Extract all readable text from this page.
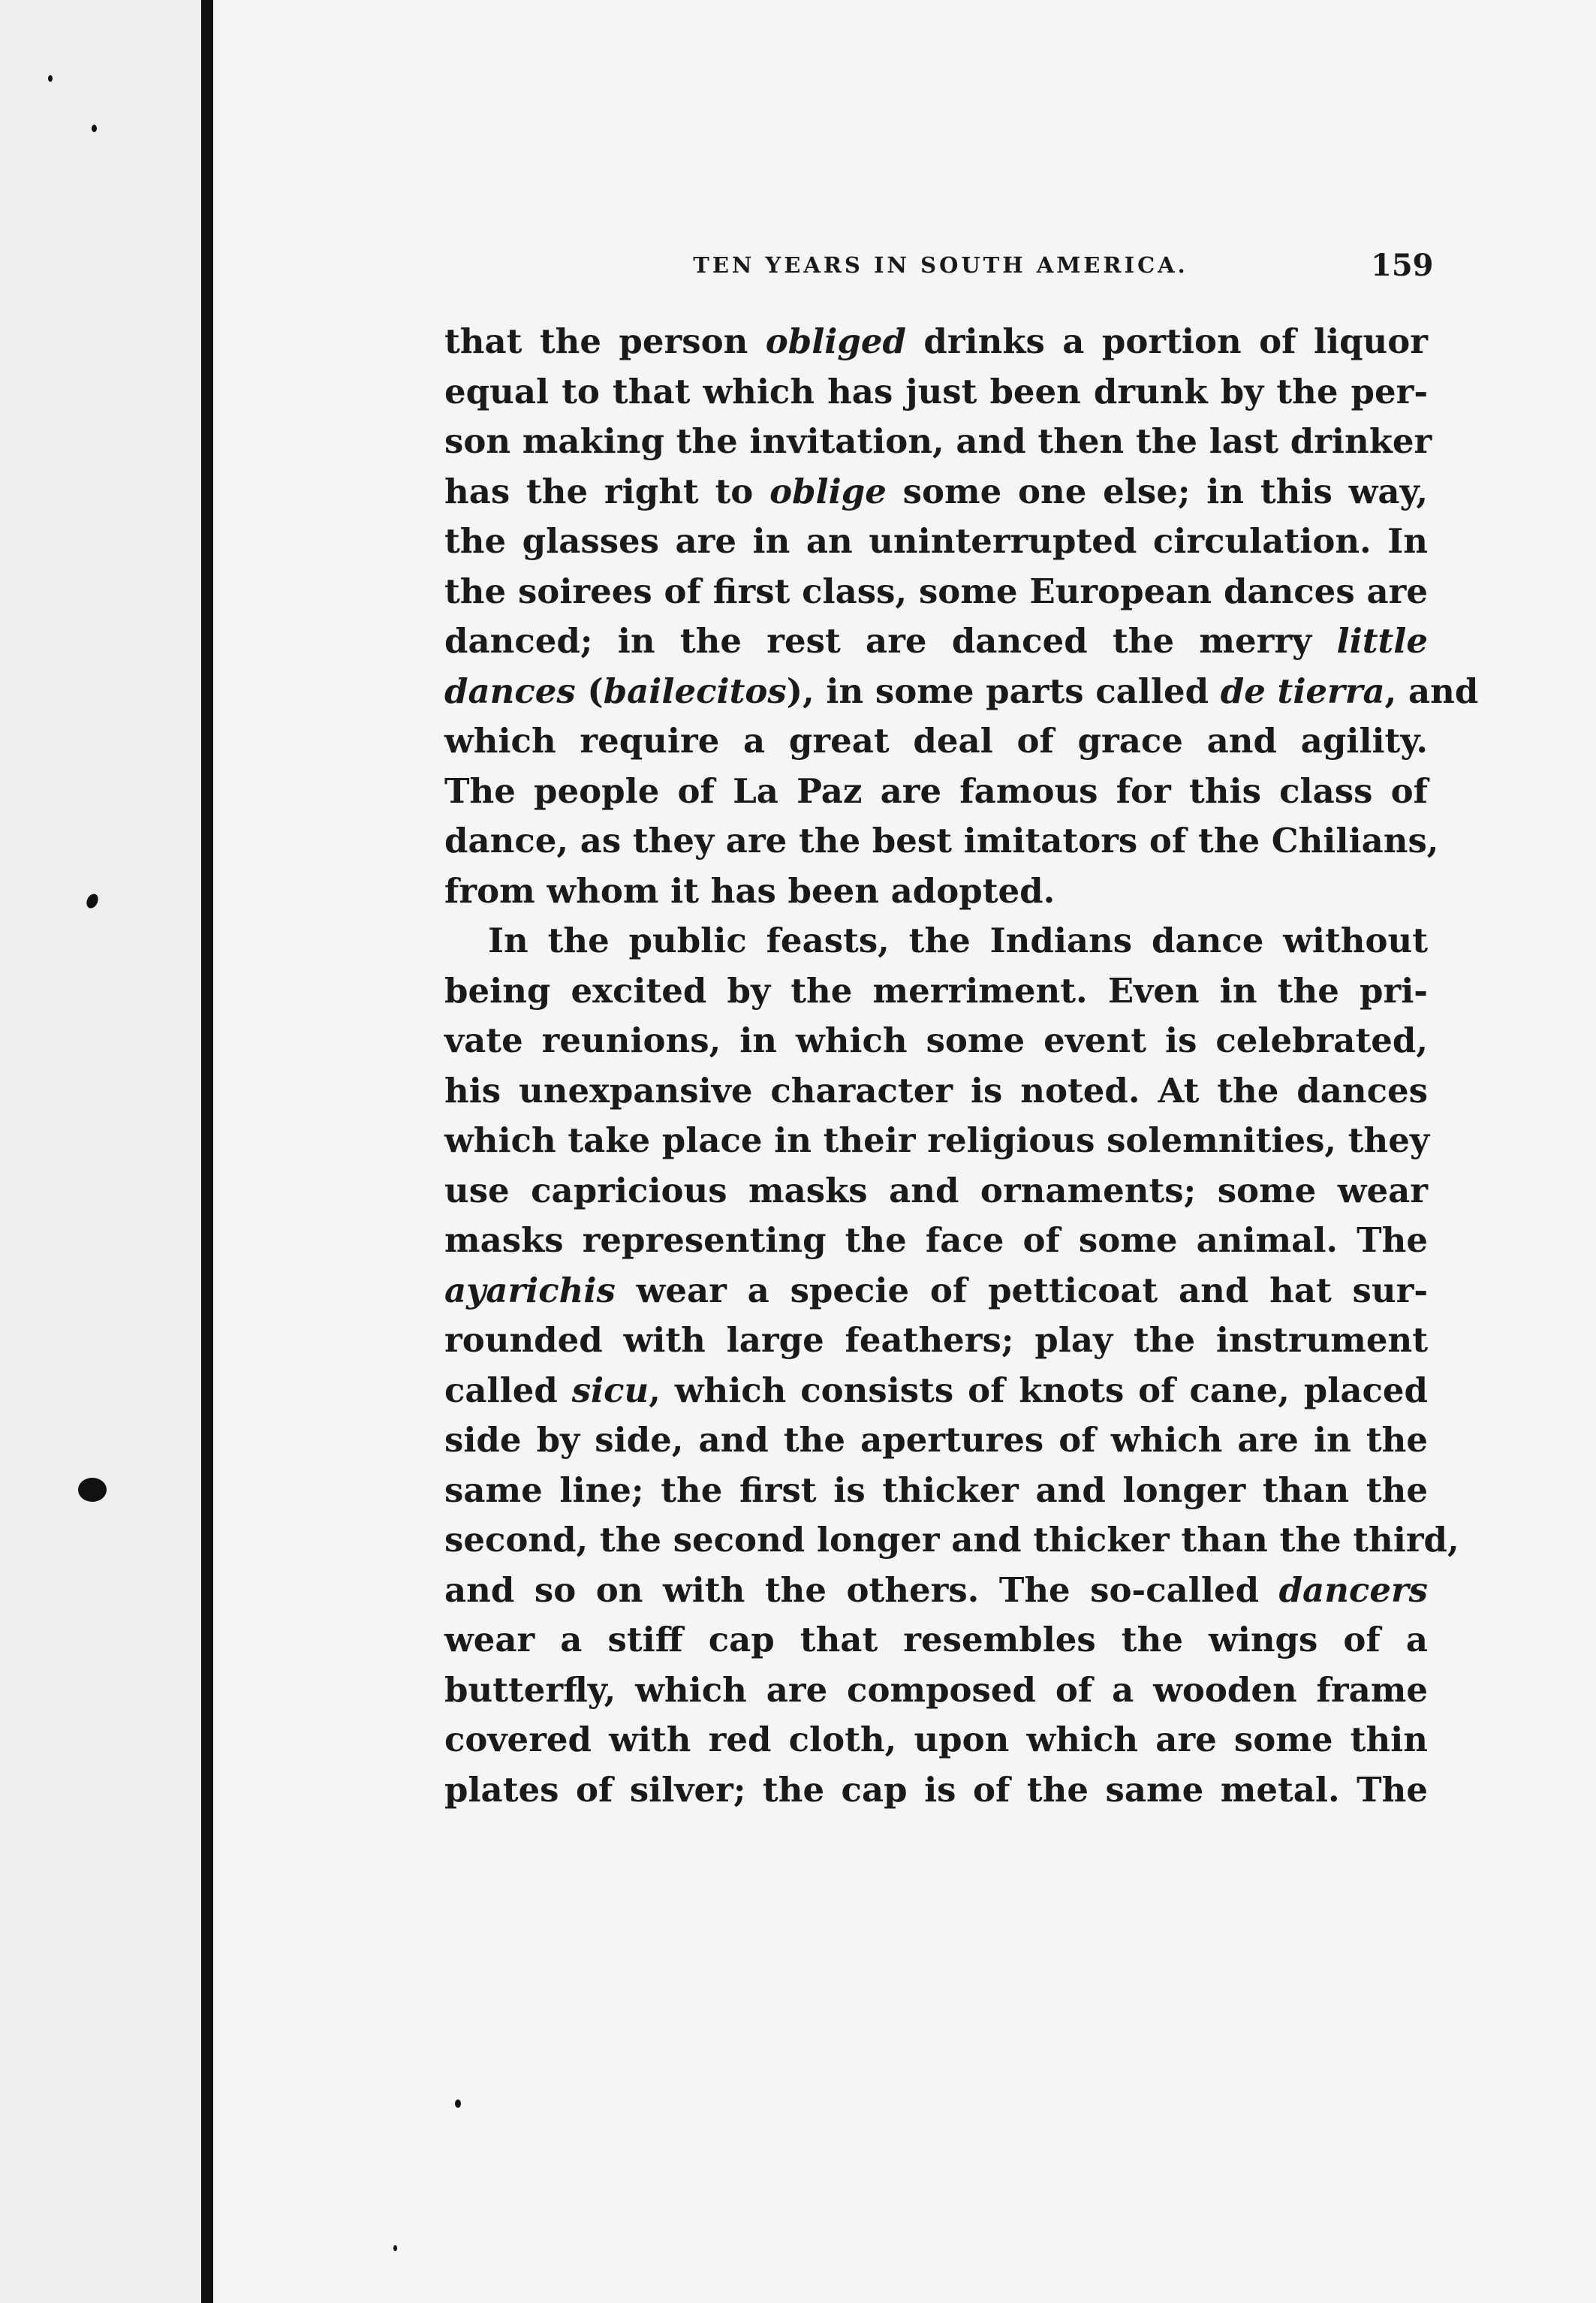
TEN YEARS IN SOUTH AMERICA.	159
that the person obliged drinks a portion of liquor
equal to that which has just been drunk by the per-
son making the invitation, and then the last drinker
has the right to oblige some one else; in this way,
the glasses are in an uninterrupted circulation. In
the soirees of first class, some European dances are
danced; in the rest are danced the merry little
dances (bailecitos), in some parts called de tierra, and
which require a great deal of grace and agility.
The people of La Paz are famous for this class of
dance, as they are the best imitators of the Chilians,
from whom it has been adopted.
In the public feasts, the Indians dance without
being excited by the merriment. Even in the pri-
vate reunions, in which some event is celebrated,
his unexpansive character is noted. At the dances
which take place in their religious solemnities, they
use capricious masks and ornaments; some wear
masks representing the face of some animal. The
ayarichis wear a specie of petticoat and hat sur-
rounded with large feathers; play the instrument
called sicu, which consists of knots of cane, placed
side by side, and the apertures of which are in the
same line; the first is thicker and longer than the
second, the second longer and thicker than the third,
and so on with the others. The so-called dancers
wear a stiff cap that resembles the wings of a
butterfly, which are composed of a wooden frame
covered with red cloth, upon which are some thin
plates of silver; the cap is of the same metal. The
